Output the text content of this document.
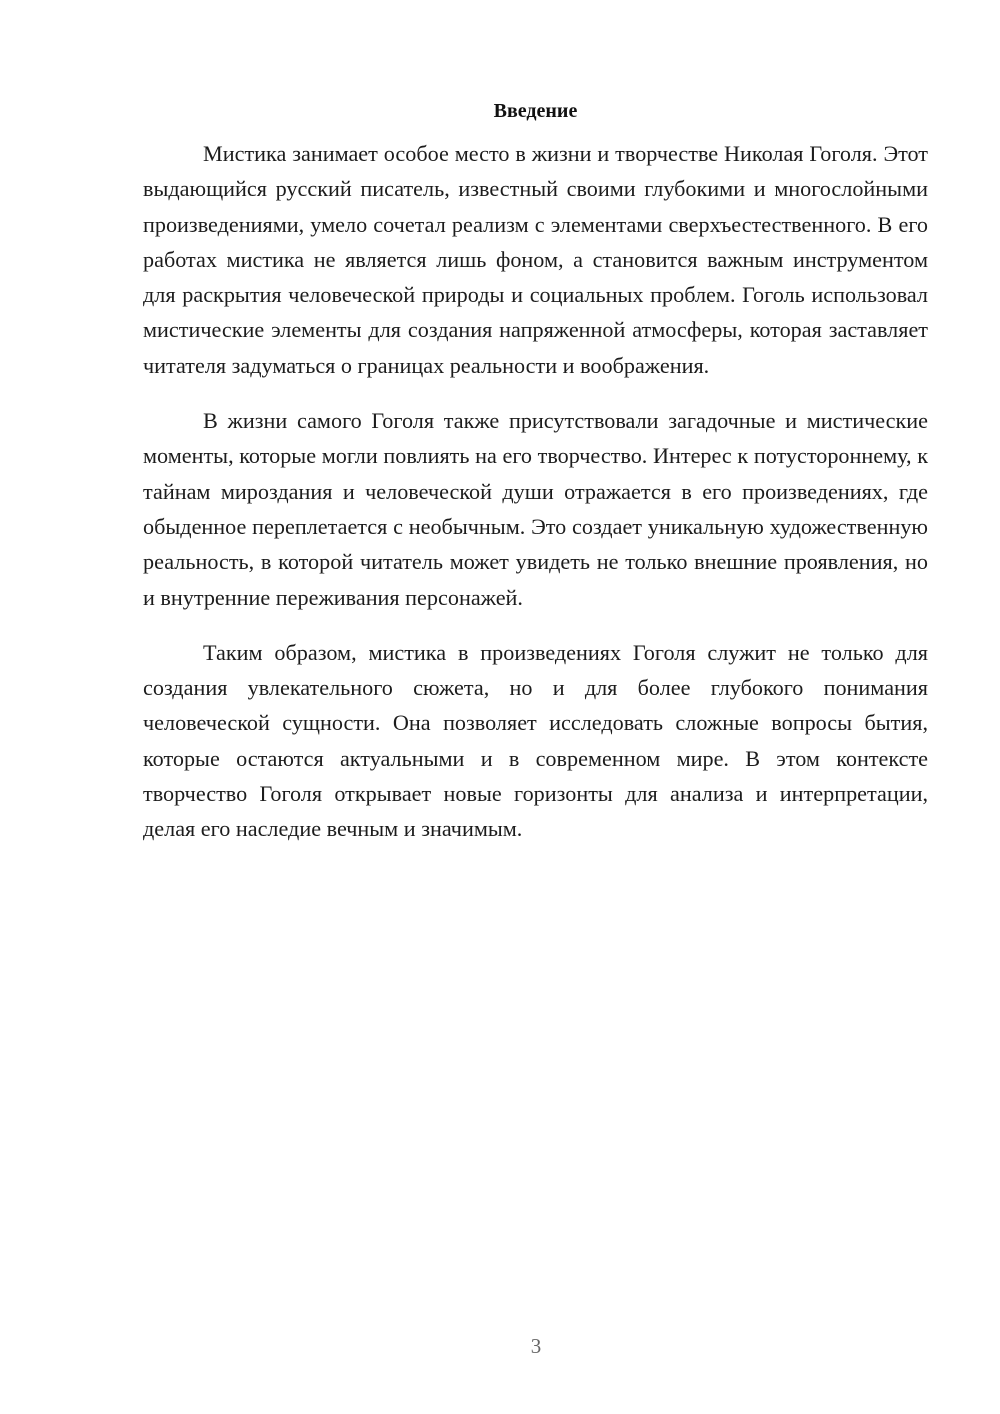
Введение

Мистика занимает особое место в жизни и творчестве Николая Гоголя. Этот выдающийся русский писатель, известный своими глубокими и многослойными произведениями, умело сочетал реализм с элементами сверхъестественного. В его работах мистика не является лишь фоном, а становится важным инструментом для раскрытия человеческой природы и социальных проблем. Гоголь использовал мистические элементы для создания напряженной атмосферы, которая заставляет читателя задуматься о границах реальности и воображения.

В жизни самого Гоголя также присутствовали загадочные и мистические моменты, которые могли повлиять на его творчество. Интерес к потустороннему, к тайнам мироздания и человеческой души отражается в его произведениях, где обыденное переплетается с необычным. Это создает уникальную художественную реальность, в которой читатель может увидеть не только внешние проявления, но и внутренние переживания персонажей.

Таким образом, мистика в произведениях Гоголя служит не только для создания увлекательного сюжета, но и для более глубокого понимания человеческой сущности. Она позволяет исследовать сложные вопросы бытия, которые остаются актуальными и в современном мире. В этом контексте творчество Гоголя открывает новые горизонты для анализа и интерпретации, делая его наследие вечным и значимым.

3
